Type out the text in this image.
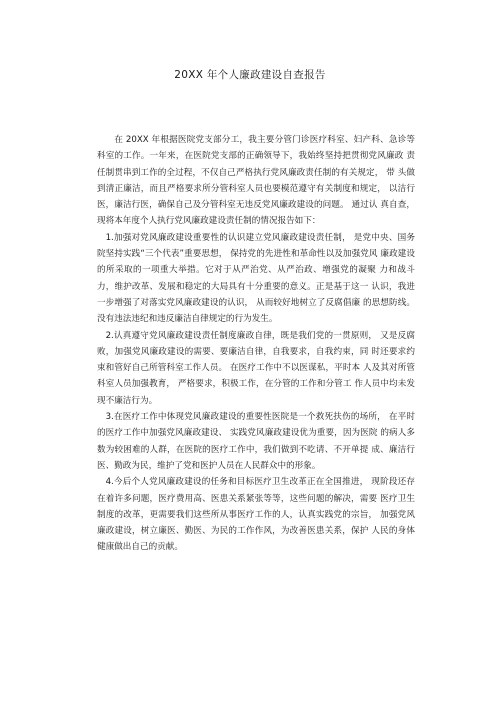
20XX 年个人廉政建设自查报告

在 20XX 年根据医院党支部分工，我主要分管门诊医疗科室、妇产科、急诊等 科室的工作。一年来，在医院党支部的正确领导下，我始终坚持把贯彻党风廉政 责任制贯串到工作的全过程，不仅自己严格执行党风廉政责任制的有关规定， 带 头做到清正廉洁，而且严格要求所分管科室人员也要模范遵守有关制度和规定， 以洁行医，廉洁行医，确保自己及分管科室无违反党风廉政建设的问题。 通过认 真自查，现将本年度个人执行党风廉政建设责任制的情况报告如下：

1.加强对党风廉政建设重要性的认识建立党风廉政建设责任制， 是党中央、国务院坚持实践“三个代表”重要思想， 保持党的先进性和革命性以及加强党风 廉政建设的所采取的一项重大举措。它对于从严治党、从严治政、增强党的凝聚 力和战斗力，维护改革、发展和稳定的大局具有十分重要的意义。正是基于这一 认识，我进一步增强了对落实党风廉政建设的认识， 从而较好地树立了反腐倡廉 的思想防线。没有违法违纪和违反廉洁自律规定的行为发生。

2.认真遵守党风廉政建设责任制度廉政自律，既是我们党的一贯原则， 又是反腐败，加强党风廉政建设的需要、要廉洁自律，自我要求，自我约束，同 时还要求约束和管好自己所管科室工作人员。 在医疗工作中不以医谋私，平时本 人及其对所管科室人员加强教育， 严格要求，积极工作，在分管的工作和分管工 作人员中均未发现不廉洁行为。

3.在医疗工作中体现党风廉政建设的重要性医院是一个救死扶伤的场所， 在平时的医疗工作中加强党风廉政建设、 实践党风廉政建设优为重要，因为医院 的病人多数为较困难的人群，在医院的医疗工作中，我们做到不吃请、不开单提 成、廉洁行医、勤政为民，维护了党和医护人员在人民群众中的形象。

4.今后个人党风廉政建设的任务和目标医疗卫生改革正在全国推进， 现阶段还存在着许多问题，医疗费用高、医患关系紧张等等，这些问题的解决，需要 医疗卫生制度的改革，更需要我们这些所从事医疗工作的人，认真实践党的宗旨， 加强党风廉政建设，树立廉医、勤医、为民的工作作风，为改善医患关系，保护 人民的身体健康做出自己的贡献。
